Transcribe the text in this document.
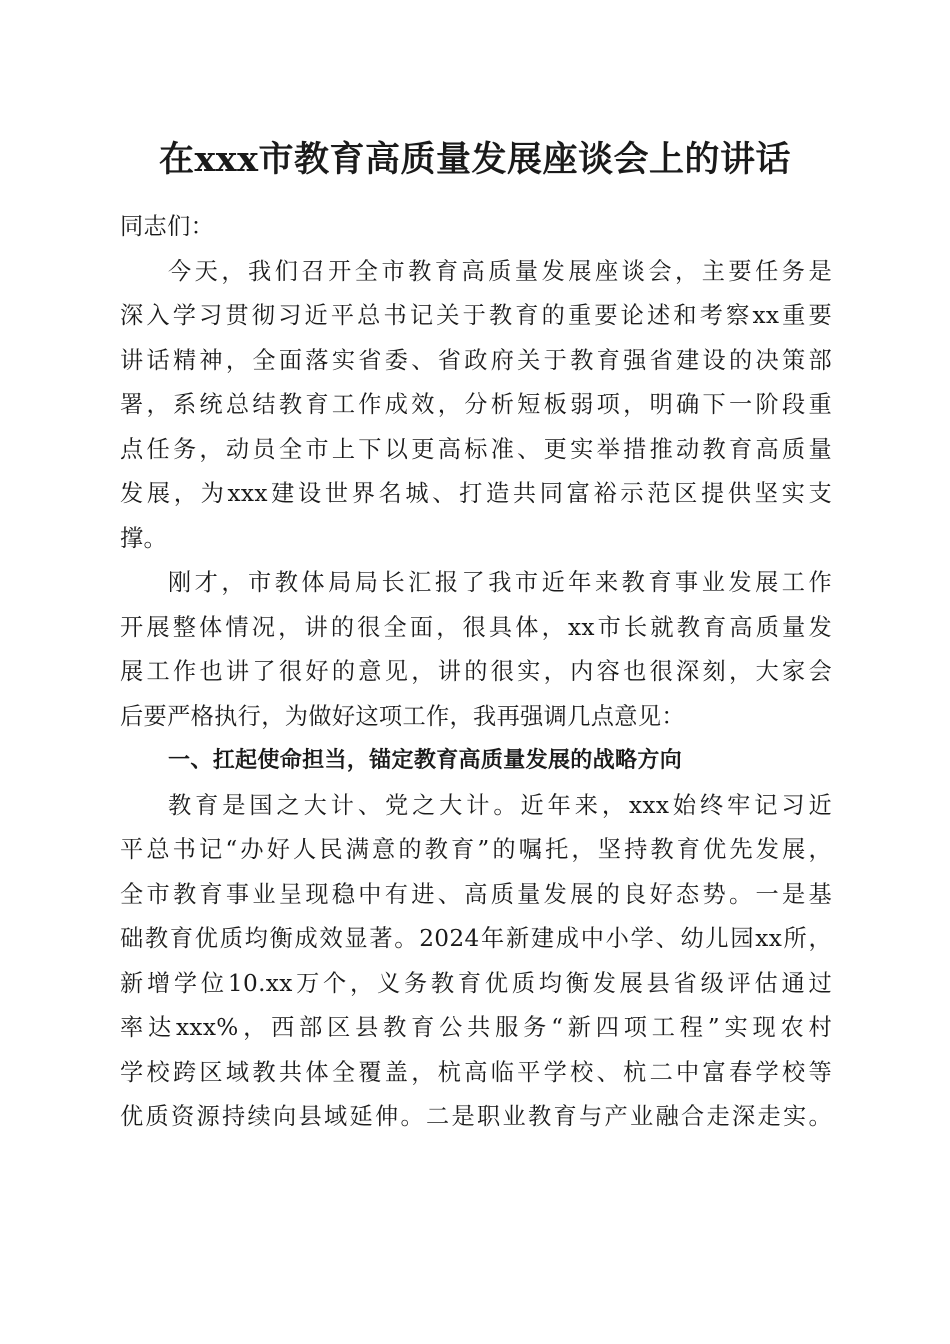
在xxx市教育高质量发展座谈会上的讲话
同志们：
今天，我们召开全市教育高质量发展座谈会，主要任务是
深入学习贯彻习近平总书记关于教育的重要论述和考察xx重要
讲话精神，全面落实省委、省政府关于教育强省建设的决策部
署，系统总结教育工作成效，分析短板弱项，明确下一阶段重
点任务，动员全市上下以更高标准、更实举措推动教育高质量
发展，为xxx建设世界名城、打造共同富裕示范区提供坚实支
撑。
刚才，市教体局局长汇报了我市近年来教育事业发展工作
开展整体情况，讲的很全面，很具体，xx市长就教育高质量发
展工作也讲了很好的意见，讲的很实，内容也很深刻，大家会
后要严格执行，为做好这项工作，我再强调几点意见：
一、扛起使命担当，锚定教育高质量发展的战略方向
教育是国之大计、党之大计。近年来，xxx始终牢记习近
平总书记“办好人民满意的教育”的嘱托，坚持教育优先发展，
全市教育事业呈现稳中有进、高质量发展的良好态势。一是基
础教育优质均衡成效显著。2024年新建成中小学、幼儿园xx所，
新增学位10.xx万个，义务教育优质均衡发展县省级评估通过
率达xxx%，西部区县教育公共服务“新四项工程”实现农村
学校跨区域教共体全覆盖，杭高临平学校、杭二中富春学校等
优质资源持续向县域延伸。二是职业教育与产业融合走深走实。
